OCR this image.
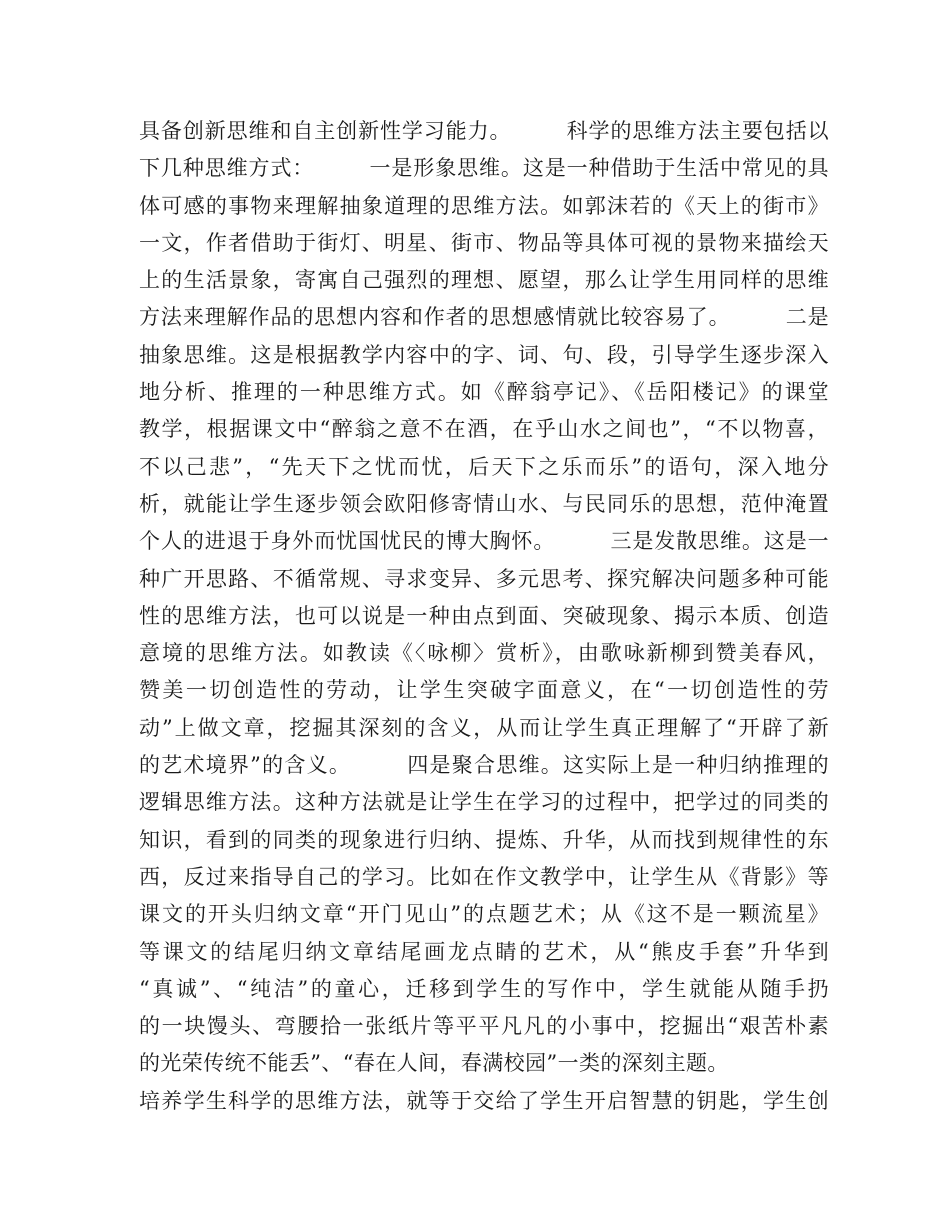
具备创新思维和自主创新性学习能力。　　　科学的思维方法主要包括以
下几种思维方式：　　　一是形象思维。这是一种借助于生活中常见的具
体可感的事物来理解抽象道理的思维方法。如郭沫若的《天上的街市》
一文，作者借助于街灯、明星、街市、物品等具体可视的景物来描绘天
上的生活景象，寄寓自己强烈的理想、愿望，那么让学生用同样的思维
方法来理解作品的思想内容和作者的思想感情就比较容易了。　　　二是
抽象思维。这是根据教学内容中的字、词、句、段，引导学生逐步深入
地分析、推理的一种思维方式。如《醉翁亭记》、《岳阳楼记》的课堂
教学，根据课文中“醉翁之意不在酒，在乎山水之间也”，“不以物喜，
不以己悲”，“先天下之忧而忧，后天下之乐而乐”的语句，深入地分
析，就能让学生逐步领会欧阳修寄情山水、与民同乐的思想，范仲淹置
个人的进退于身外而忧国忧民的博大胸怀。　　　三是发散思维。这是一
种广开思路、不循常规、寻求变异、多元思考、探究解决问题多种可能
性的思维方法，也可以说是一种由点到面、突破现象、揭示本质、创造
意境的思维方法。如教读《〈咏柳〉赏析》，由歌咏新柳到赞美春风，
赞美一切创造性的劳动，让学生突破字面意义，在“一切创造性的劳
动”上做文章，挖掘其深刻的含义，从而让学生真正理解了“开辟了新
的艺术境界”的含义。　　　四是聚合思维。这实际上是一种归纳推理的
逻辑思维方法。这种方法就是让学生在学习的过程中，把学过的同类的
知识，看到的同类的现象进行归纳、提炼、升华，从而找到规律性的东
西，反过来指导自己的学习。比如在作文教学中，让学生从《背影》等
课文的开头归纳文章“开门见山”的点题艺术；从《这不是一颗流星》
等课文的结尾归纳文章结尾画龙点睛的艺术，从“熊皮手套”升华到
“真诚”、“纯洁”的童心，迁移到学生的写作中，学生就能从随手扔
的一块馒头、弯腰拾一张纸片等平平凡凡的小事中，挖掘出“艰苦朴素
的光荣传统不能丢”、“春在人间，春满校园”一类的深刻主题。
培养学生科学的思维方法，就等于交给了学生开启智慧的钥匙，学生创
